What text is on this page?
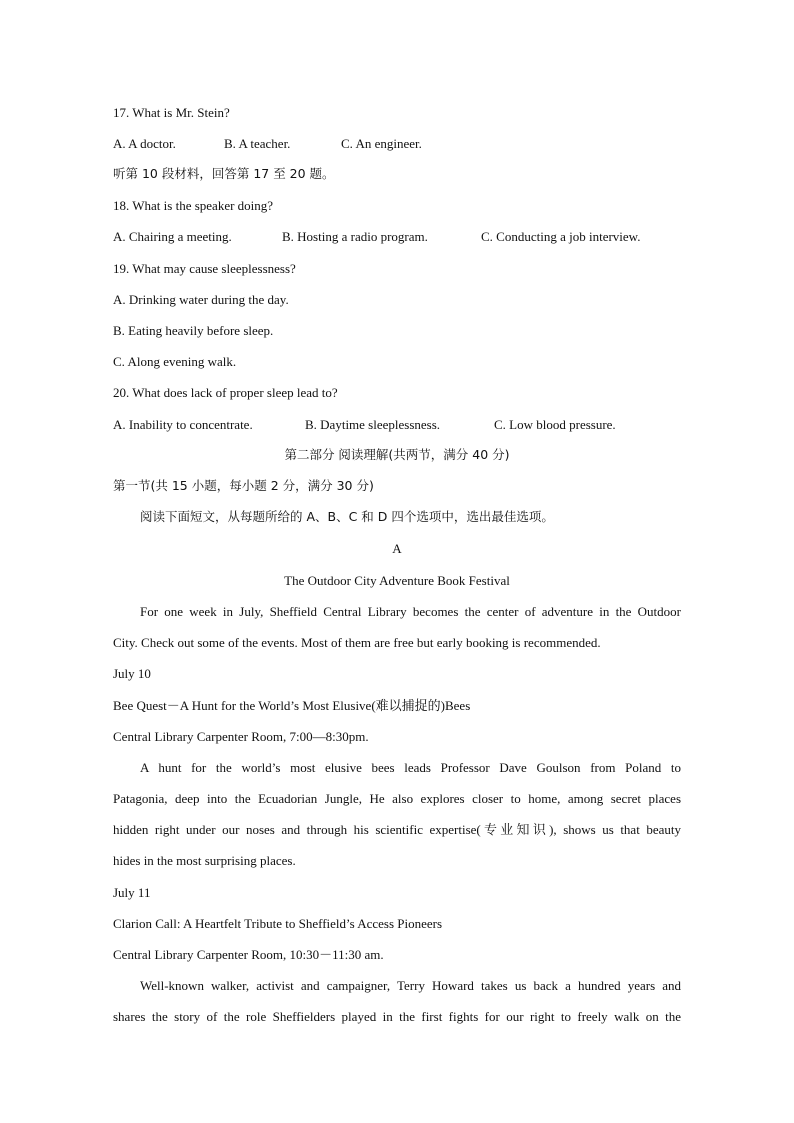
17. What is Mr. Stein?
A. A doctor.	B. A teacher.	C. An engineer.
听第 10 段材料，回答第 17 至 20 题。
18. What is the speaker doing?
A. Chairing a meeting.	B. Hosting a radio program.	C. Conducting a job interview.
19. What may cause sleeplessness?
A. Drinking water during the day.
B. Eating heavily before sleep.
C. Along evening walk.
20. What does lack of proper sleep lead to?
A. Inability to concentrate.	B. Daytime sleeplessness.	C. Low blood pressure.
第二部分 阅读理解(共两节，满分 40 分)
第一节(共 15 小题，每小题 2 分，满分 30 分)
阅读下面短文，从每题所给的 A、B、C 和 D 四个选项中，选出最佳选项。
A
The Outdoor City Adventure Book Festival
For one week in July, Sheffield Central Library becomes the center of adventure in the Outdoor
City. Check out some of the events. Most of them are free but early booking is recommended.
July 10
Bee Quest－A Hunt for the World’s Most Elusive(难以捕捉的)Bees
Central Library Carpenter Room, 7:00—8:30pm.
A hunt for the world’s most elusive bees leads Professor Dave Goulson from Poland to
Patagonia, deep into the Ecuadorian Jungle, He also explores closer to home, among secret places
hidden right under our noses and through his scientific expertise(专业知识), shows us that beauty
hides in the most surprising places.
July 11
Clarion Call: A Heartfelt Tribute to Sheffield’s Access Pioneers
Central Library Carpenter Room, 10:30－11:30 am.
Well-known walker, activist and campaigner, Terry Howard takes us back a hundred years and
shares the story of the role Sheffielders played in the first fights for our right to freely walk on the
